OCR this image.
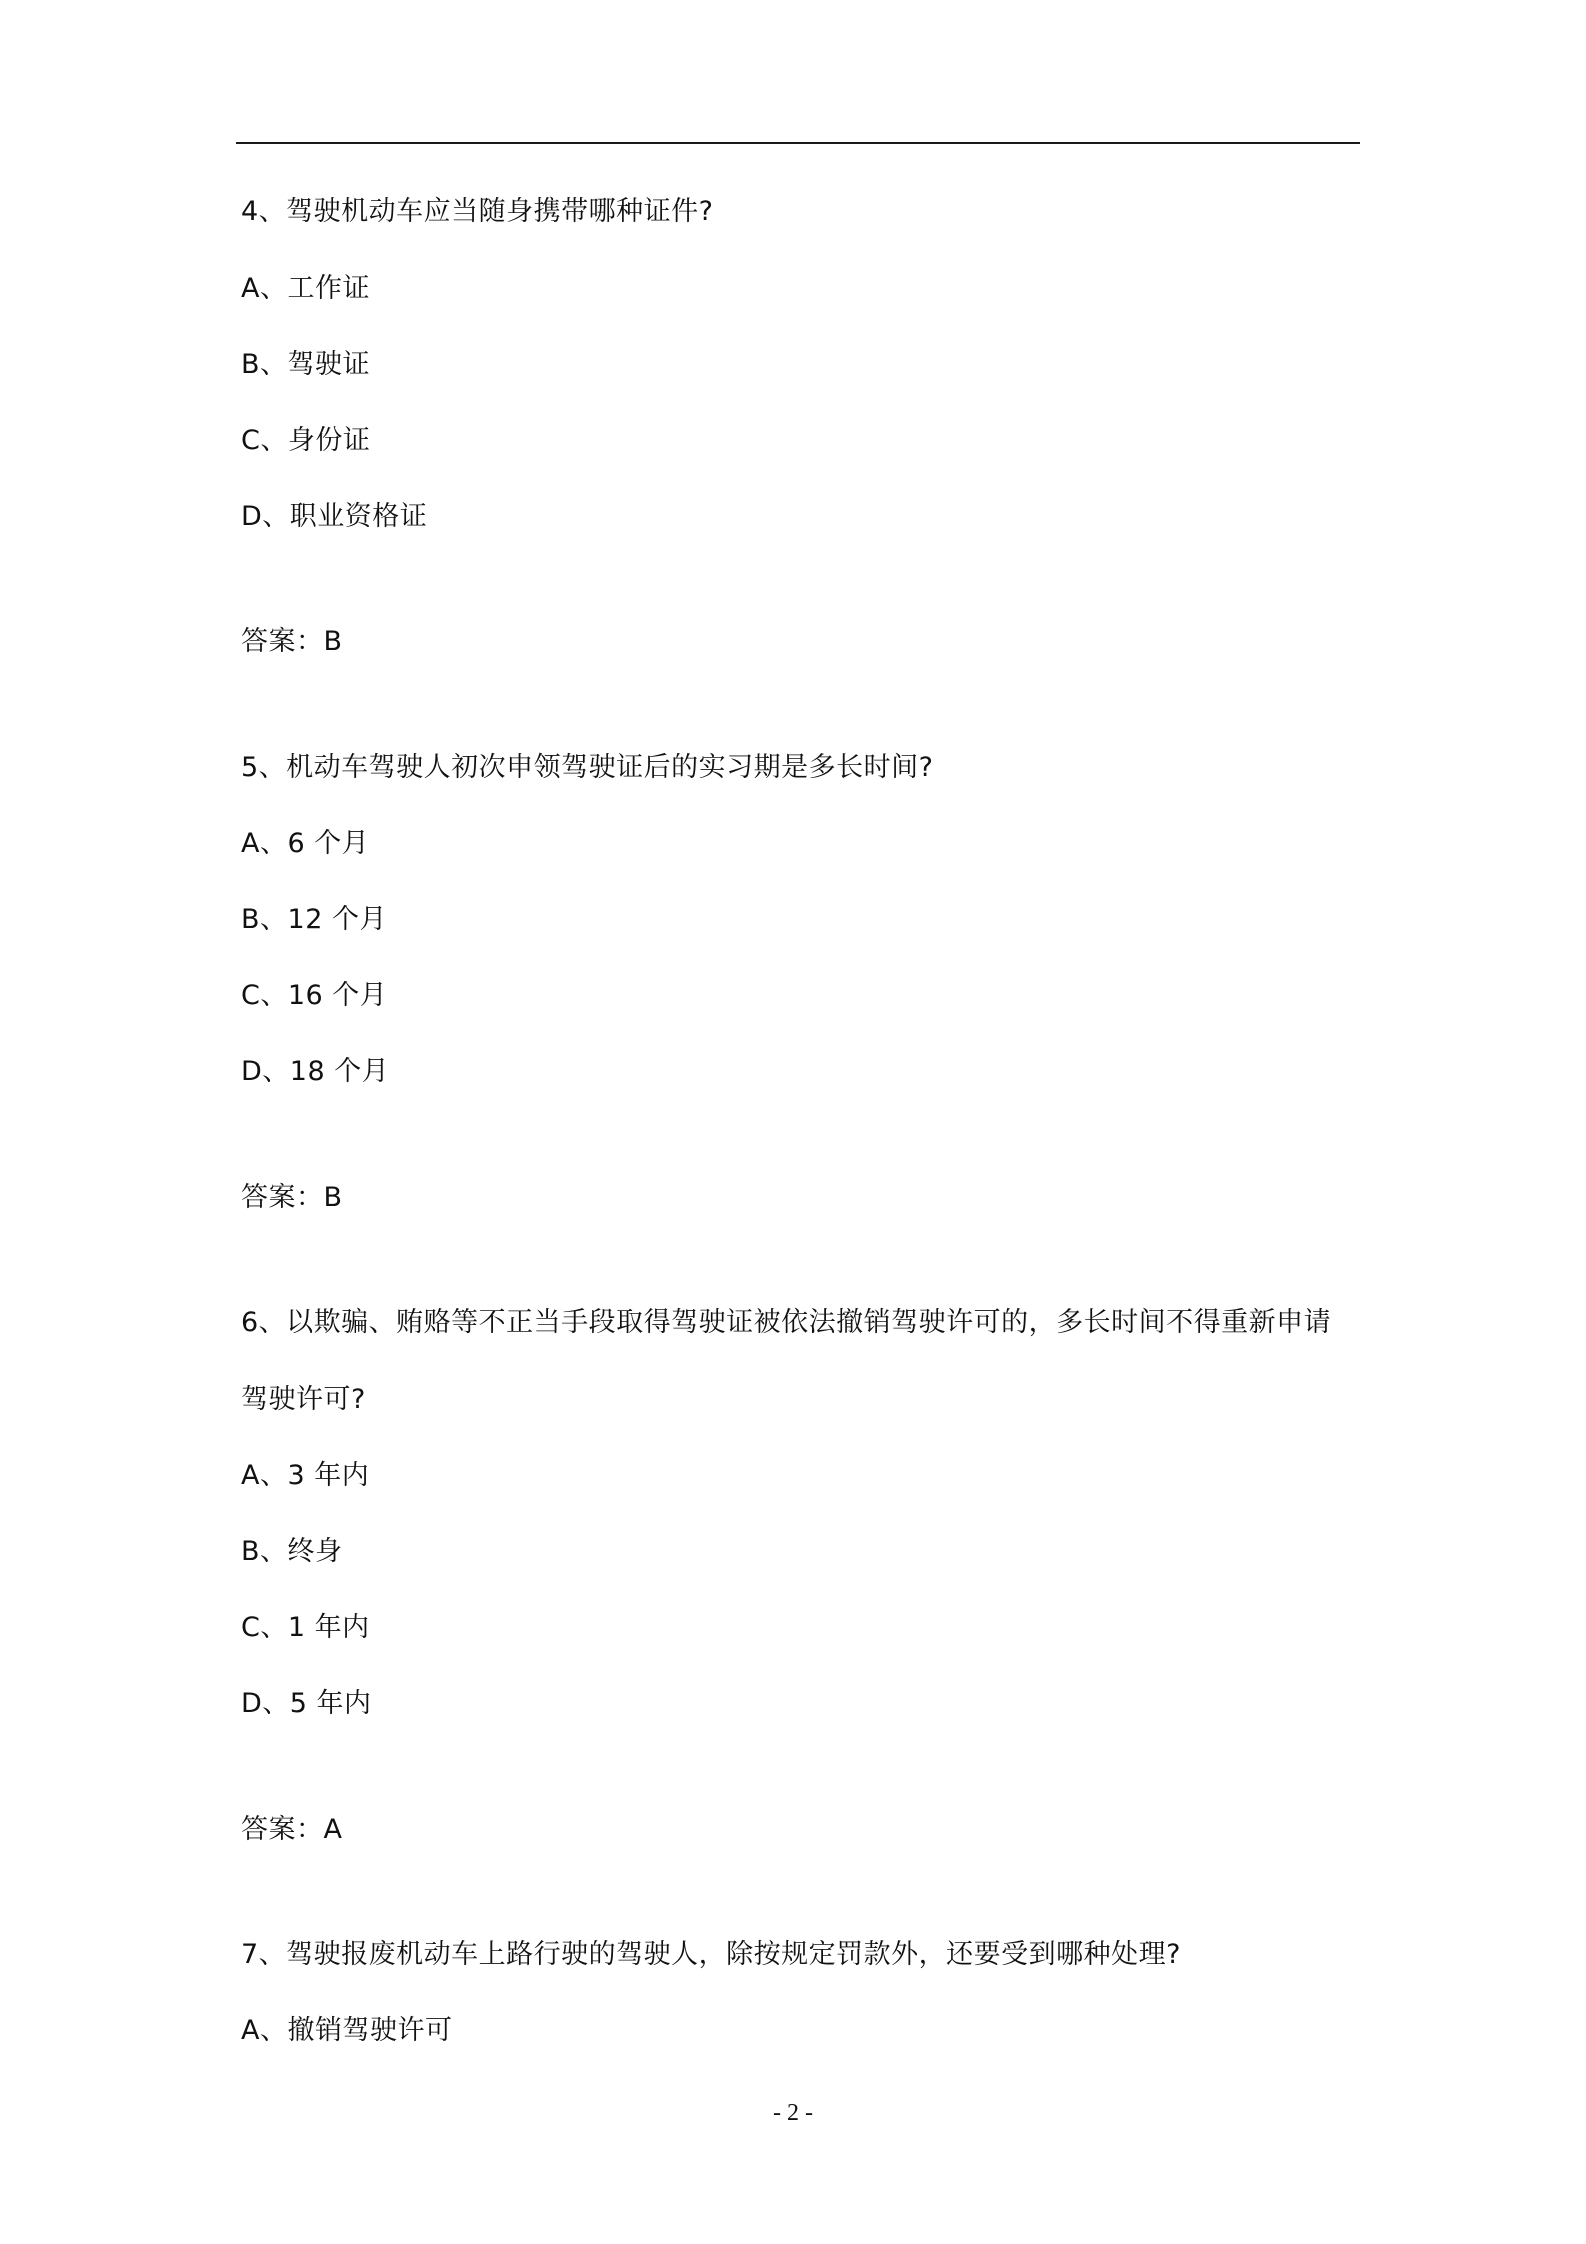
4、驾驶机动车应当随身携带哪种证件?
A、工作证
B、驾驶证
C、身份证
D、职业资格证
答案：B
5、机动车驾驶人初次申领驾驶证后的实习期是多长时间?
A、6 个月
B、12 个月
C、16 个月
D、18 个月
答案：B
6、以欺骗、贿赂等不正当手段取得驾驶证被依法撤销驾驶许可的，多长时间不得重新申请
驾驶许可?
A、3 年内
B、终身
C、1 年内
D、5 年内
答案：A
7、驾驶报废机动车上路行驶的驾驶人，除按规定罚款外，还要受到哪种处理?
A、撤销驾驶许可
- 2 -
